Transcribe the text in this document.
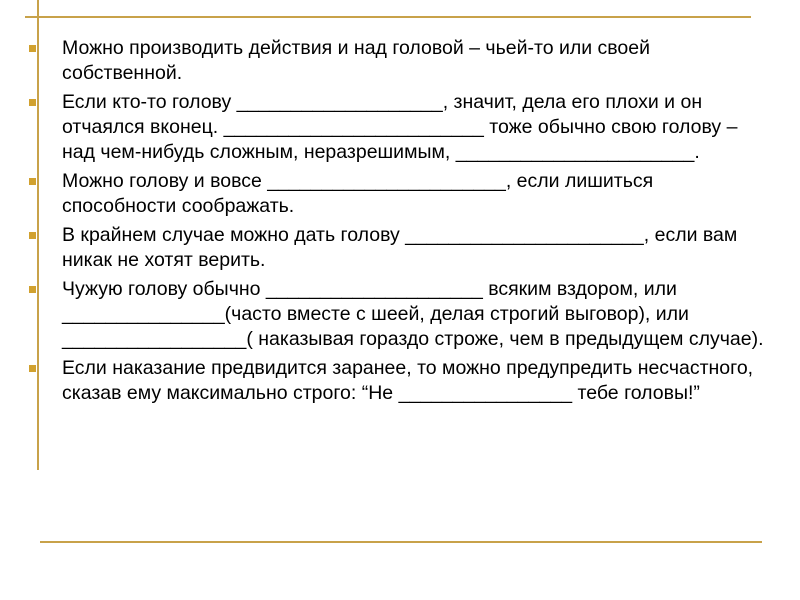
Можно производить действия и над головой – чьей-то или своей собственной.
Если кто-то голову ___________________, значит, дела его плохи и он отчаялся вконец. ________________________ тоже обычно свою голову – над чем-нибудь сложным, неразрешимым, ______________________.
Можно голову и вовсе ______________________, если лишиться способности соображать.
В крайнем случае можно дать голову ______________________, если вам никак не хотят верить.
Чужую голову обычно ____________________ всяким вздором, или _______________(часто вместе с шеей, делая строгий выговор), или _________________( наказывая гораздо строже, чем в предыдущем случае).
Если наказание предвидится заранее, то можно предупредить несчастного, сказав ему максимально строго: “Не ________________ тебе головы!”
